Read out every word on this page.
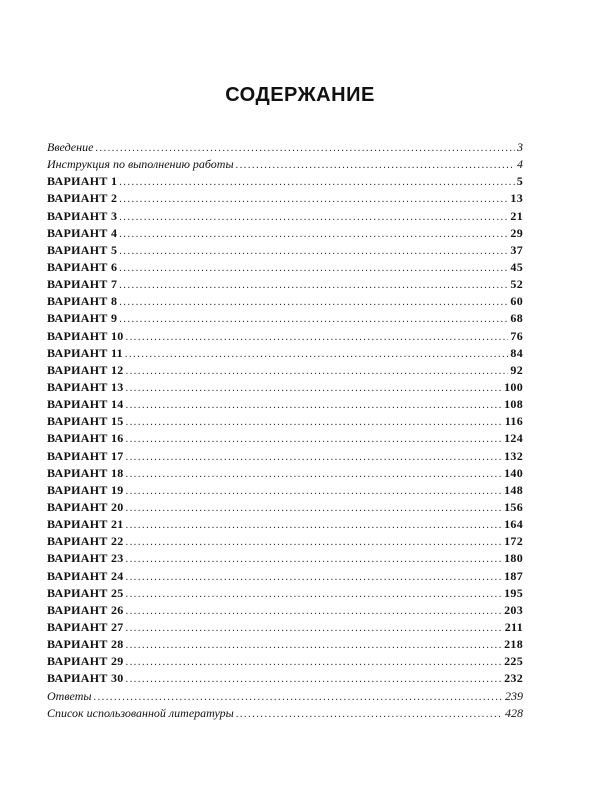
СОДЕРЖАНИЕ
Введение .....	3
Инструкция по выполнению работы .....	4
ВАРИАНТ 1 .....	5
ВАРИАНТ 2 .....	13
ВАРИАНТ 3 .....	21
ВАРИАНТ 4 .....	29
ВАРИАНТ 5 .....	37
ВАРИАНТ 6 .....	45
ВАРИАНТ 7 .....	52
ВАРИАНТ 8 .....	60
ВАРИАНТ 9 .....	68
ВАРИАНТ 10 .....	76
ВАРИАНТ 11 .....	84
ВАРИАНТ 12 .....	92
ВАРИАНТ 13 .....	100
ВАРИАНТ 14 .....	108
ВАРИАНТ 15 .....	116
ВАРИАНТ 16 .....	124
ВАРИАНТ 17 .....	132
ВАРИАНТ 18 .....	140
ВАРИАНТ 19 .....	148
ВАРИАНТ 20 .....	156
ВАРИАНТ 21 .....	164
ВАРИАНТ 22 .....	172
ВАРИАНТ 23 .....	180
ВАРИАНТ 24 .....	187
ВАРИАНТ 25 .....	195
ВАРИАНТ 26 .....	203
ВАРИАНТ 27 .....	211
ВАРИАНТ 28 .....	218
ВАРИАНТ 29 .....	225
ВАРИАНТ 30 .....	232
Ответы .....	239
Список использованной литературы .....	428
